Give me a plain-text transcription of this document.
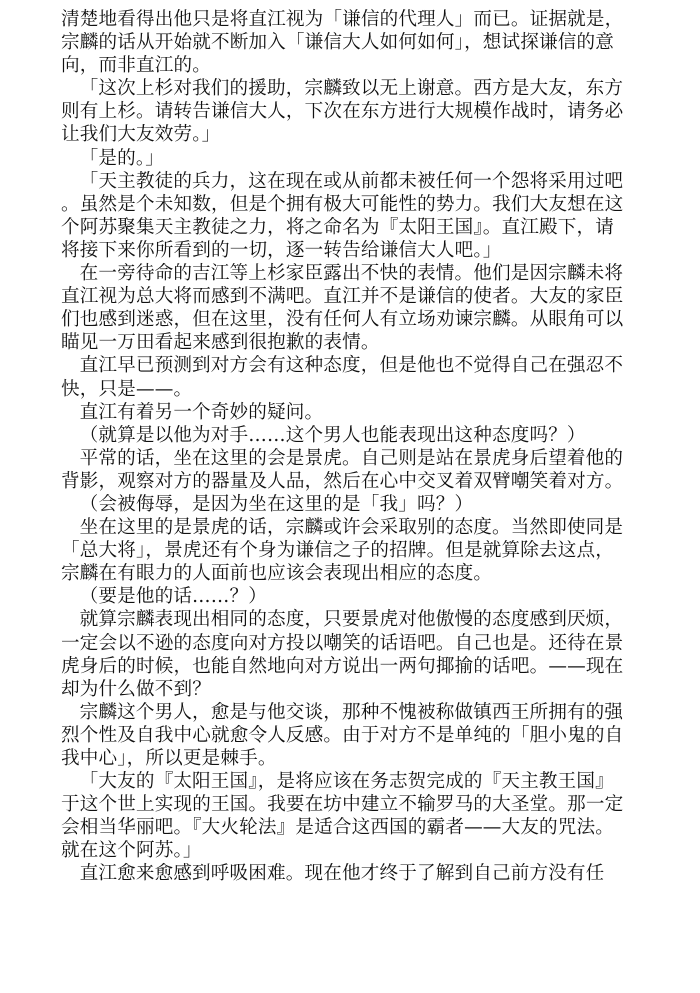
清楚地看得出他只是将直江视为「谦信的代理人」而已。证据就是，宗麟的话从开始就不断加入「谦信大人如何如何」，想试探谦信的意向，而非直江的。

「这次上杉对我们的援助，宗麟致以无上谢意。西方是大友，东方则有上杉。请转告谦信大人，下次在东方进行大规模作战时，请务必让我们大友效劳。」

「是的。」

「天主教徒的兵力，这在现在或从前都未被任何一个怨将采用过吧。虽然是个未知数，但是个拥有极大可能性的势力。我们大友想在这个阿苏聚集天主教徒之力，将之命名为『太阳王国』。直江殿下，请将接下来你所看到的一切，逐一转告给谦信大人吧。」

在一旁待命的吉江等上杉家臣露出不快的表情。他们是因宗麟未将直江视为总大将而感到不满吧。直江并不是谦信的使者。大友的家臣们也感到迷惑，但在这里，没有任何人有立场劝谏宗麟。从眼角可以瞄见一万田看起来感到很抱歉的表情。

直江早已预测到对方会有这种态度，但是他也不觉得自己在强忍不快，只是——。

直江有着另一个奇妙的疑问。

（就算是以他为对手……这个男人也能表现出这种态度吗？）

平常的话，坐在这里的会是景虎。自己则是站在景虎身后望着他的背影，观察对方的器量及人品，然后在心中交叉着双臂嘲笑着对方。

（会被侮辱，是因为坐在这里的是「我」吗？）

坐在这里的是景虎的话，宗麟或许会采取别的态度。当然即使同是「总大将」，景虎还有个身为谦信之子的招牌。但是就算除去这点，宗麟在有眼力的人面前也应该会表现出相应的态度。

（要是他的话……？）

就算宗麟表现出相同的态度，只要景虎对他傲慢的态度感到厌烦，一定会以不逊的态度向对方投以嘲笑的话语吧。自己也是。还待在景虎身后的时候，也能自然地向对方说出一两句揶揄的话吧。——现在却为什么做不到？

宗麟这个男人，愈是与他交谈，那种不愧被称做镇西王所拥有的强烈个性及自我中心就愈令人反感。由于对方不是单纯的「胆小鬼的自我中心」，所以更是棘手。

「大友的『太阳王国』，是将应该在务志贺完成的『天主教王国』于这个世上实现的王国。我要在坊中建立不输罗马的大圣堂。那一定会相当华丽吧。『大火轮法』是适合这西国的霸者——大友的咒法。就在这个阿苏。」

直江愈来愈感到呼吸困难。现在他才终于了解到自己前方没有任
